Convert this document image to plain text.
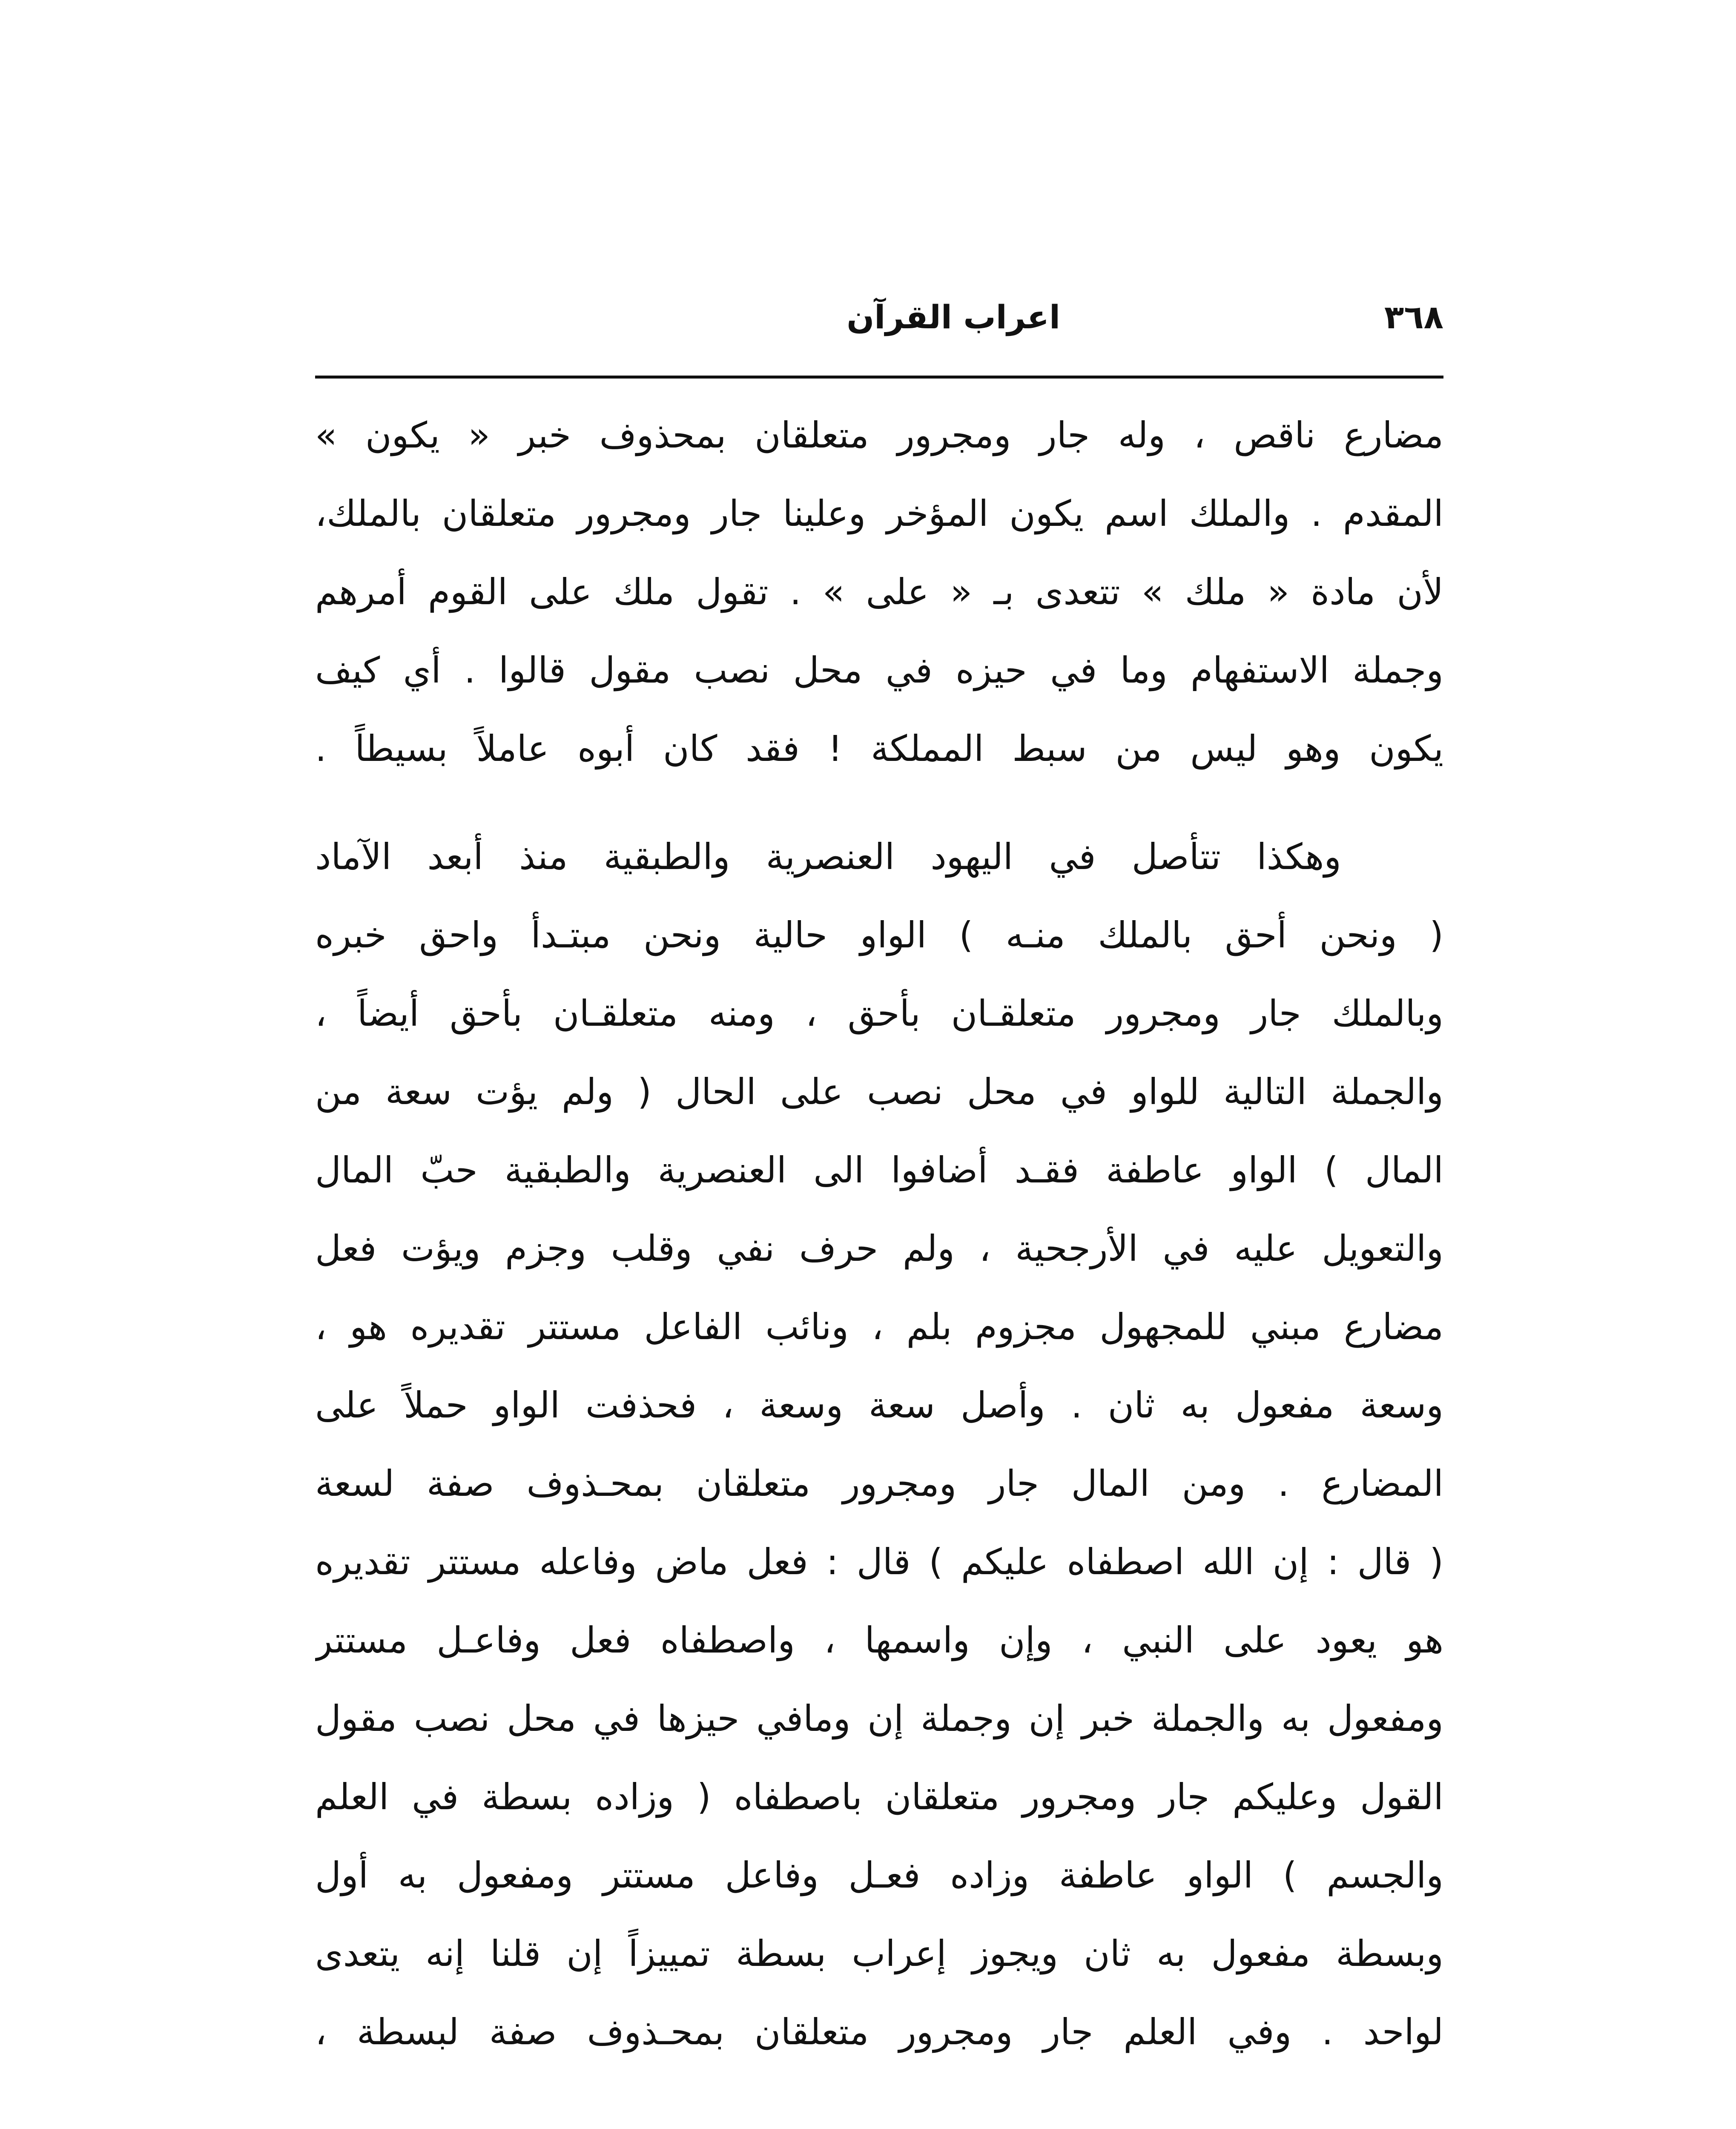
٣٦٨
اعراب القرآن
مضارع ناقص ، وله جار ومجرور متعلقان بمحذوف خبر « يكون »
المقدم . والملك اسم يكون المؤخر وعلينا جار ومجرور متعلقان بالملك،
لأن مادة « ملك » تتعدى بـ « على » . تقول ملك على القوم أمرهم
وجملة الاستفهام وما في حيزه في محل نصب مقول قالوا . أي كيف
يكون وهو ليس من سبط المملكة ! فقد كان أبوه عاملاً بسيطاً .
وهكذا تتأصل في اليهود العنصرية والطبقية منذ أبعد الآماد
( ونحن أحق بالملك منـه ) الواو حالية ونحن مبتـدأ واحق خبره
وبالملك جار ومجرور متعلقـان بأحق ، ومنه متعلقـان بأحق أيضاً ،
والجملة التالية للواو في محل نصب على الحال ( ولم يؤت سعة من
المال ) الواو عاطفة فقـد أضافوا الى العنصرية والطبقية حبّ المال
والتعويل عليه في الأرجحية ، ولم حرف نفي وقلب وجزم ويؤت فعل
مضارع مبني للمجهول مجزوم بلم ، ونائب الفاعل مستتر تقديره هو ،
وسعة مفعول به ثان . وأصل سعة وسعة ، فحذفت الواو حملاً على
المضارع . ومن المال جار ومجرور متعلقان بمحـذوف صفة لسعة
( قال : إن الله اصطفاه عليكم ) قال : فعل ماض وفاعله مستتر تقديره
هو يعود على النبي ، وإن واسمها ، واصطفاه فعل وفاعـل مستتر
ومفعول به والجملة خبر إن وجملة إن ومافي حيزها في محل نصب مقول
القول وعليكم جار ومجرور متعلقان باصطفاه ( وزاده بسطة في العلم
والجسم ) الواو عاطفة وزاده فعـل وفاعل مستتر ومفعول به أول
وبسطة مفعول به ثان ويجوز إعراب بسطة تمييزاً إن قلنا إنه يتعدى
لواحد . وفي العلم جار ومجرور متعلقان بمحـذوف صفة لبسطة ،
